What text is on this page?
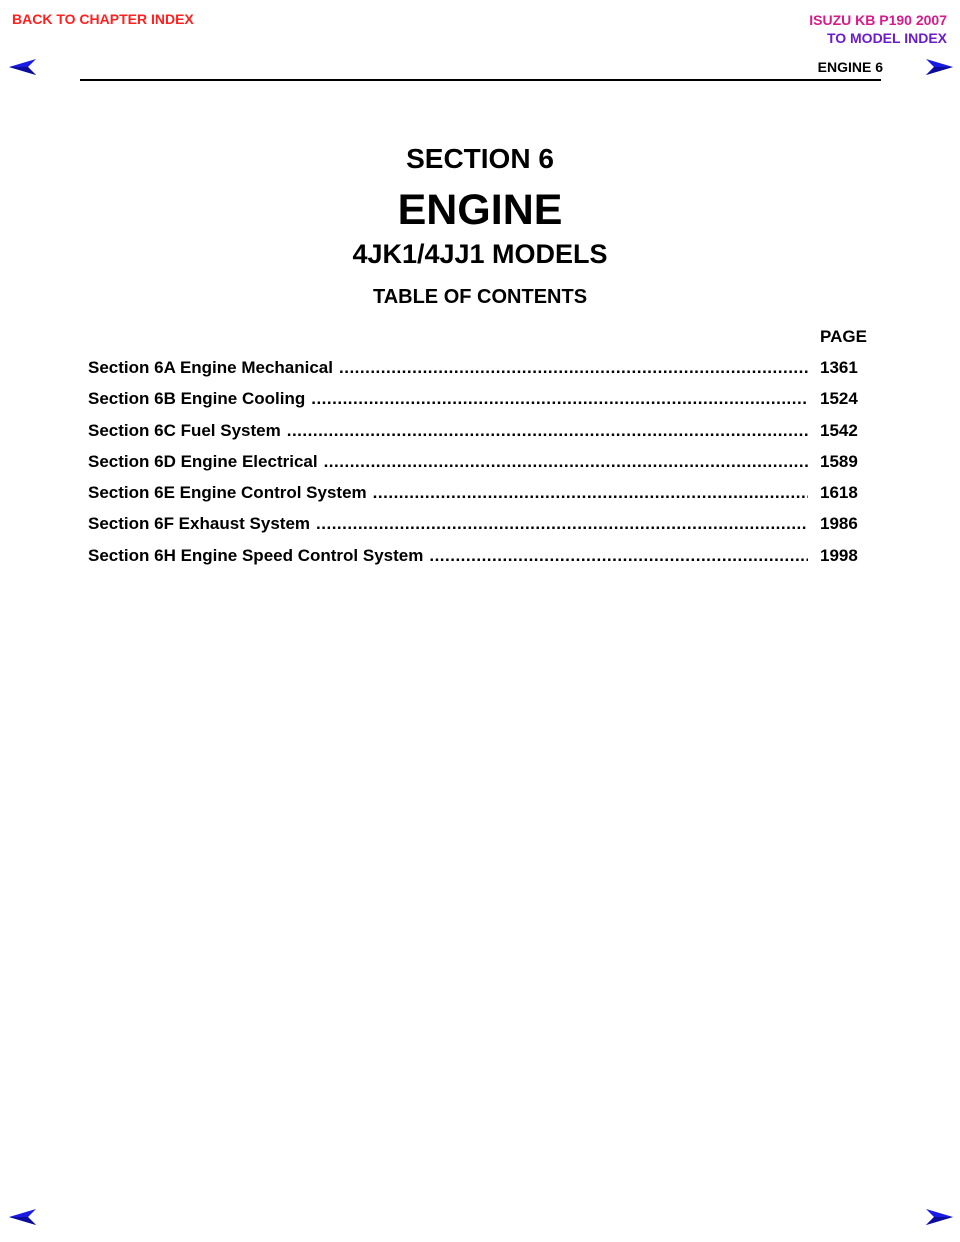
BACK TO CHAPTER INDEX	ISUZU KB P190 2007
TO MODEL INDEX
ENGINE 6
SECTION 6
ENGINE
4JK1/4JJ1 MODELS
TABLE OF CONTENTS
PAGE
Section 6A Engine Mechanical .....	1361
Section 6B Engine Cooling .....	1524
Section 6C Fuel System .....	1542
Section 6D Engine Electrical .....	1589
Section 6E Engine Control System .....	1618
Section 6F Exhaust System .....	1986
Section 6H Engine Speed Control System .....	1998
